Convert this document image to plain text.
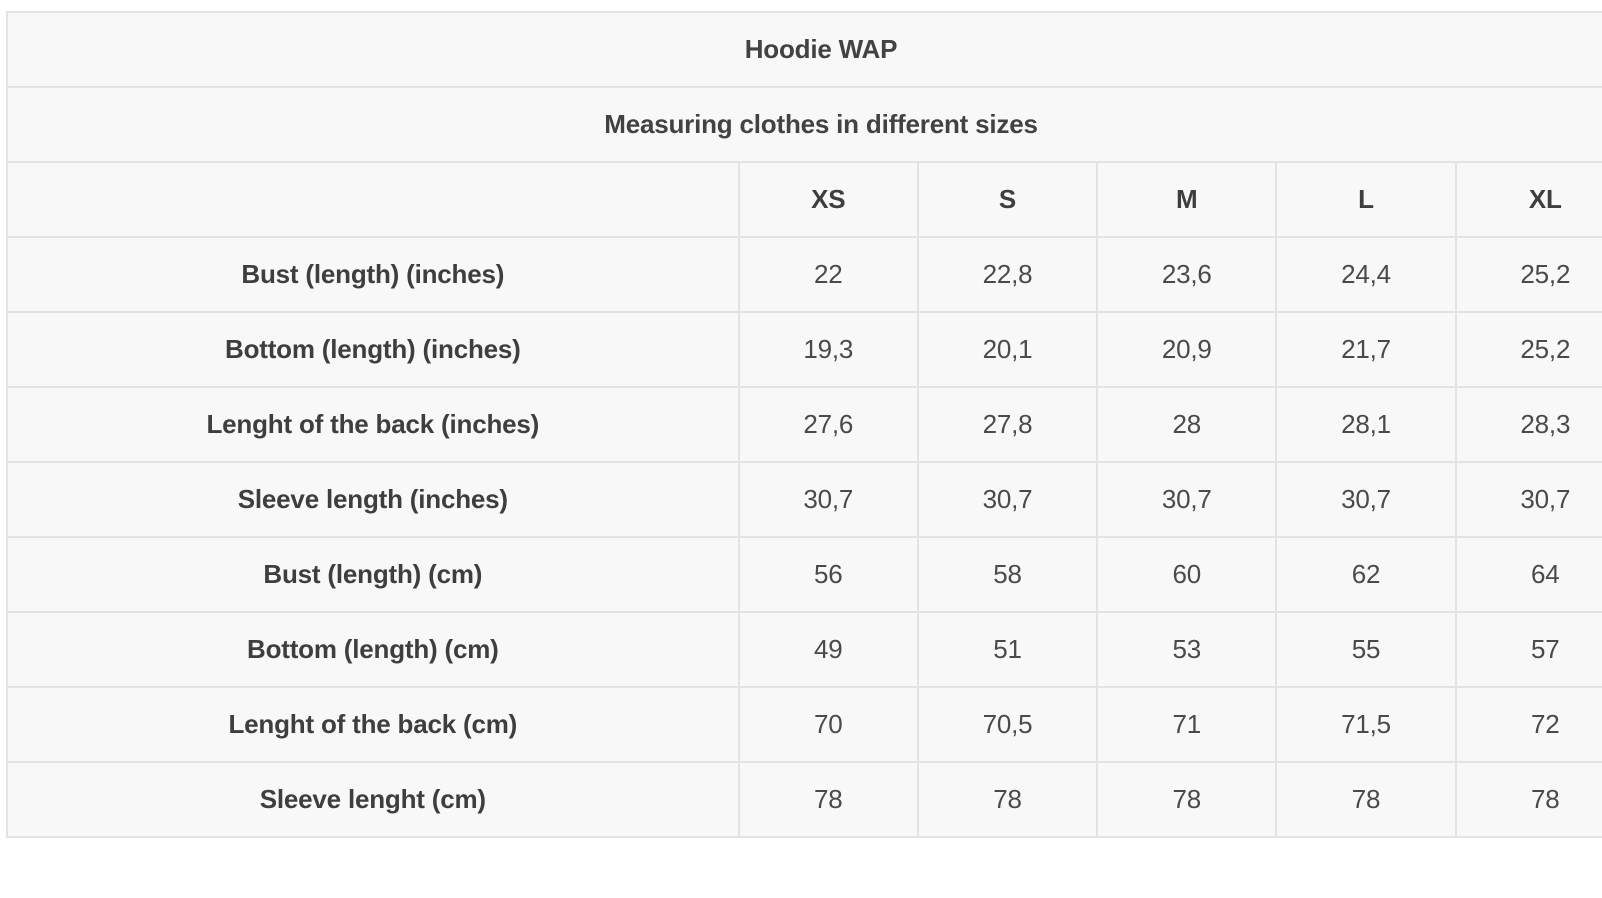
Hoodie WAP					
Measuring clothes in different sizes					
	XS	S	M	L	XL
Bust (length) (inches)	22	22,8	23,6	24,4	25,2
Bottom (length) (inches)	19,3	20,1	20,9	21,7	25,2
Lenght of the back (inches)	27,6	27,8	28	28,1	28,3
Sleeve length (inches)	30,7	30,7	30,7	30,7	30,7
Bust (length) (cm)	56	58	60	62	64
Bottom (length) (cm)	49	51	53	55	57
Lenght of the back (cm)	70	70,5	71	71,5	72
Sleeve lenght (cm)	78	78	78	78	78
